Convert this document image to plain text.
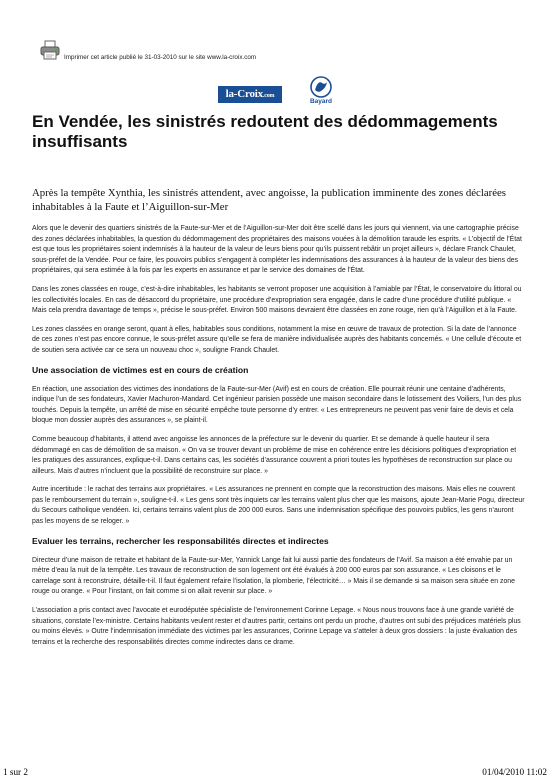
Imprimer cet article publié le 31-03-2010 sur le site www.la-croix.com
la-Croix.com
Bayard
En Vendée, les sinistrés redoutent des dédommagements insuffisants

Après la tempête Xynthia, les sinistrés attendent, avec angoisse, la publication imminente des zones déclarées inhabitables à la Faute et l’Aiguillon-sur-Mer

Alors que le devenir des quartiers sinistrés de la Faute-sur-Mer et de l’Aiguillon-sur-Mer doit être scellé dans les jours qui viennent, via une cartographie précise des zones déclarées inhabitables, la question du dédommagement des propriétaires des maisons vouées à la démolition taraude les esprits. « L’objectif de l’État est que tous les propriétaires soient indemnisés à la hauteur de la valeur de leurs biens pour qu’ils puissent rebâtir un projet ailleurs », déclare Franck Chaulet, sous-préfet de la Vendée. Pour ce faire, les pouvoirs publics s’engagent à compléter les indemnisations des assurances à la hauteur de la valeur des biens des propriétaires, qui sera estimée à la fois par les experts en assurance et par le service des domaines de l’État.

Dans les zones classées en rouge, c’est-à-dire inhabitables, les habitants se verront proposer une acquisition à l’amiable par l’État, le conservatoire du littoral ou les collectivités locales. En cas de désaccord du propriétaire, une procédure d’expropriation sera engagée, dans le cadre d’une procédure d’utilité publique. « Mais cela prendra davantage de temps », précise le sous-préfet. Environ 500 maisons devraient être classées en zone rouge, rien qu’à l’Aiguillon et à la Faute.

Les zones classées en orange seront, quant à elles, habitables sous conditions, notamment la mise en œuvre de travaux de protection. Si la date de l’annonce de ces zones n’est pas encore connue, le sous-préfet assure qu’elle se fera de manière individualisée auprès des habitants concernés. « Une cellule d’écoute et de soutien sera activée car ce sera un nouveau choc », souligne Franck Chaulet.

Une association de victimes est en cours de création

En réaction, une association des victimes des inondations de la Faute-sur-Mer (Avif) est en cours de création. Elle pourrait réunir une centaine d’adhérents, indique l’un de ses fondateurs, Xavier Machuron-Mandard. Cet ingénieur parisien possède une maison secondaire dans le lotissement des Voiliers, l’un des plus touchés. Depuis la tempête, un arrêté de mise en sécurité empêche toute personne d’y entrer. « Les entrepreneurs ne peuvent pas venir faire de devis et cela bloque mon dossier auprès des assurances », se plaint-il.

Comme beaucoup d’habitants, il attend avec angoisse les annonces de la préfecture sur le devenir du quartier. Et se demande à quelle hauteur il sera dédommagé en cas de démolition de sa maison. « On va se trouver devant un problème de mise en cohérence entre les décisions politiques d’expropriation et les pratiques des assurances, explique-t-il. Dans certains cas, les sociétés d’assurance couvrent a priori toutes les hypothèses de reconstruction sur place ou ailleurs. Mais d’autres n’incluent que la possibilité de reconstruire sur place. »

Autre incertitude : le rachat des terrains aux propriétaires. « Les assurances ne prennent en compte que la reconstruction des maisons. Mais elles ne couvrent pas le remboursement du terrain », souligne-t-il. « Les gens sont très inquiets car les terrains valent plus cher que les maisons, ajoute Jean-Marie Pogu, directeur du Secours catholique vendéen. Ici, certains terrains valent plus de 200 000 euros. Sans une indemnisation spécifique des pouvoirs publics, les gens n’auront pas les moyens de se reloger. »

Evaluer les terrains, rechercher les responsabilités directes et indirectes

Directeur d’une maison de retraite et habitant de la Faute-sur-Mer, Yannick Lange fait lui aussi partie des fondateurs de l’Avif. Sa maison a été envahie par un mètre d’eau la nuit de la tempête. Les travaux de reconstruction de son logement ont été évalués à 200 000 euros par son assurance. « Les cloisons et le carrelage sont à reconstruire, détaille-t-il. Il faut également refaire l’isolation, la plomberie, l’électricité… » Mais il se demande si sa maison sera située en zone rouge ou orange. « Pour l’instant, on fait comme si on allait revenir sur place. »

L’association a pris contact avec l’avocate et eurodéputée spécialiste de l’environnement Corinne Lepage. « Nous nous trouvons face à une grande variété de situations, constate l’ex-ministre. Certains habitants veulent rester et d’autres partir, certains ont perdu un proche, d’autres ont subi des préjudices matériels plus ou moins élevés. » Outre l’indemnisation immédiate des victimes par les assurances, Corinne Lepage va s’atteler à deux gros dossiers : la juste évaluation des terrains et la recherche des responsabilités directes comme indirectes dans ce drame.

1 sur 2	01/04/2010 11:02
